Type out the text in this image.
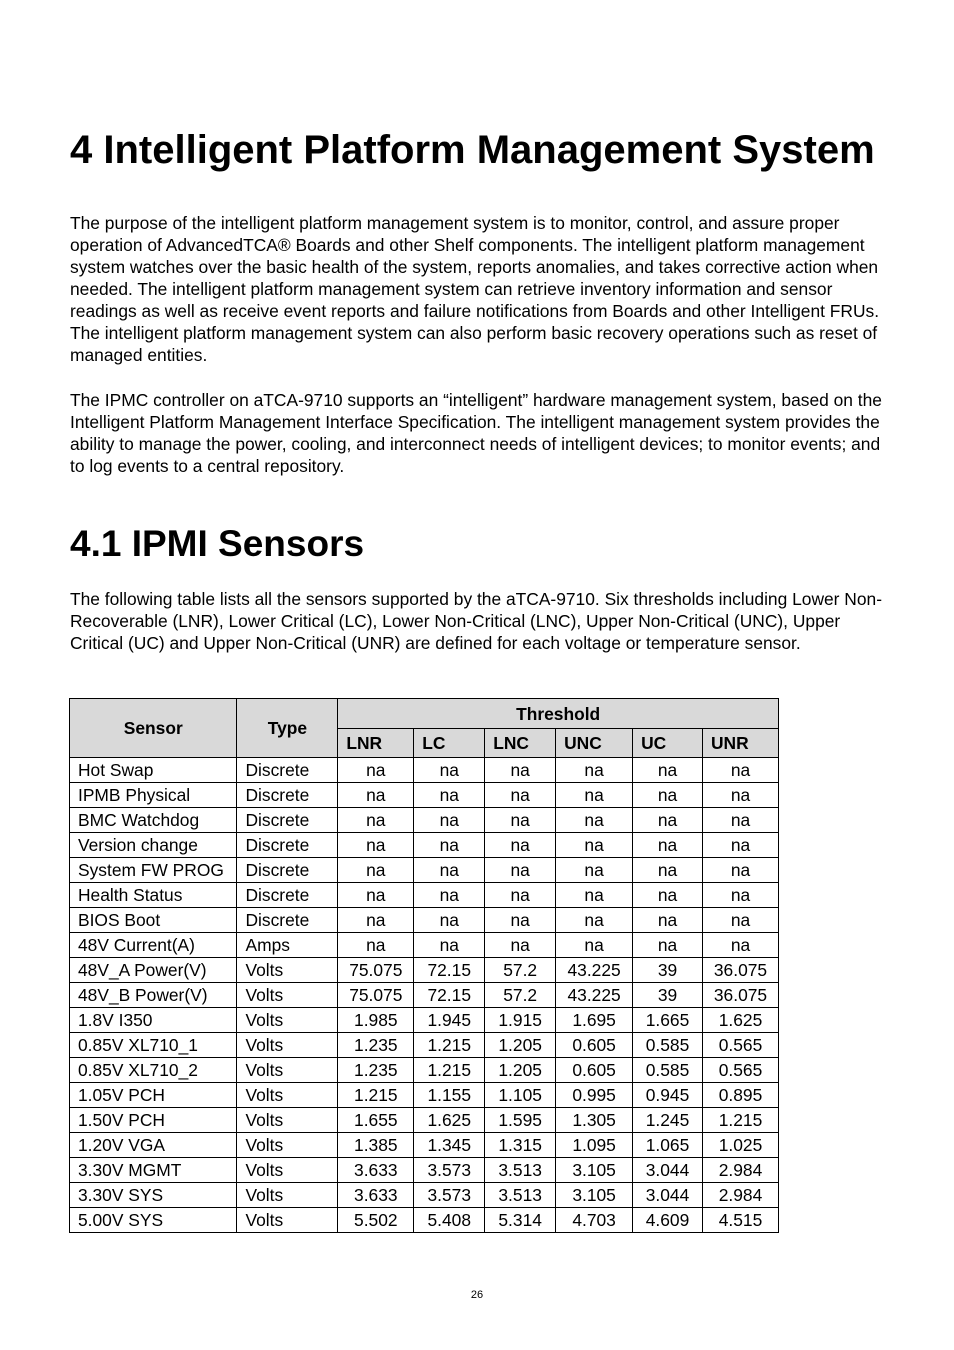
4 Intelligent Platform Management System

The purpose of the intelligent platform management system is to monitor, control, and assure proper operation of AdvancedTCA® Boards and other Shelf components. The intelligent platform management system watches over the basic health of the system, reports anomalies, and takes corrective action when needed. The intelligent platform management system can retrieve inventory information and sensor readings as well as receive event reports and failure notifications from Boards and other Intelligent FRUs. The intelligent platform management system can also perform basic recovery operations such as reset of managed entities.

The IPMC controller on aTCA-9710 supports an “intelligent” hardware management system, based on the Intelligent Platform Management Interface Specification. The intelligent management system provides the ability to manage the power, cooling, and interconnect needs of intelligent devices; to monitor events; and to log events to a central repository.

4.1 IPMI Sensors

The following table lists all the sensors supported by the aTCA-9710. Six thresholds including Lower Non-Recoverable (LNR), Lower Critical (LC), Lower Non-Critical (LNC), Upper Non-Critical (UNC), Upper Critical (UC) and Upper Non-Critical (UNR) are defined for each voltage or temperature sensor.

Sensor	Type	Threshold					
		LNR	LC	LNC	UNC	UC	UNR
Hot Swap	Discrete	na	na	na	na	na	na
IPMB Physical	Discrete	na	na	na	na	na	na
BMC Watchdog	Discrete	na	na	na	na	na	na
Version change	Discrete	na	na	na	na	na	na
System FW PROG	Discrete	na	na	na	na	na	na
Health Status	Discrete	na	na	na	na	na	na
BIOS Boot	Discrete	na	na	na	na	na	na
48V Current(A)	Amps	na	na	na	na	na	na
48V_A Power(V)	Volts	75.075	72.15	57.2	43.225	39	36.075
48V_B Power(V)	Volts	75.075	72.15	57.2	43.225	39	36.075
1.8V I350	Volts	1.985	1.945	1.915	1.695	1.665	1.625
0.85V XL710_1	Volts	1.235	1.215	1.205	0.605	0.585	0.565
0.85V XL710_2	Volts	1.235	1.215	1.205	0.605	0.585	0.565
1.05V PCH	Volts	1.215	1.155	1.105	0.995	0.945	0.895
1.50V PCH	Volts	1.655	1.625	1.595	1.305	1.245	1.215
1.20V VGA	Volts	1.385	1.345	1.315	1.095	1.065	1.025
3.30V MGMT	Volts	3.633	3.573	3.513	3.105	3.044	2.984
3.30V SYS	Volts	3.633	3.573	3.513	3.105	3.044	2.984
5.00V SYS	Volts	5.502	5.408	5.314	4.703	4.609	4.515
26
